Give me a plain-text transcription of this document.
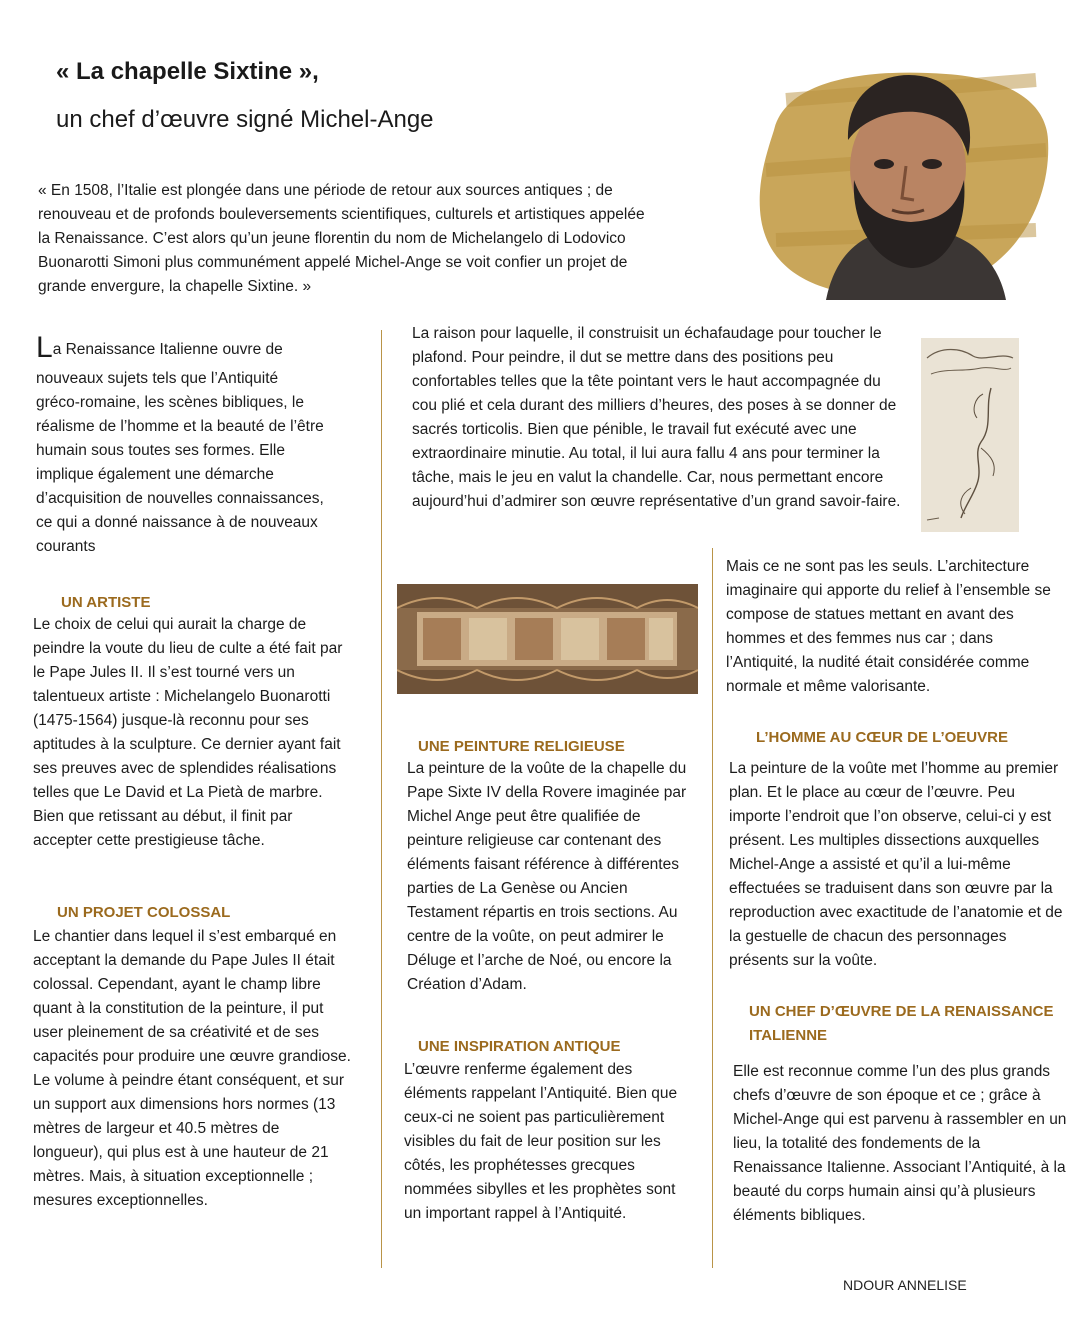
« La chapelle Sixtine »,
un chef d’œuvre signé Michel-Ange
« En 1508, l’Italie est plongée dans une période de retour aux sources antiques ; de renouveau et de profonds bouleversements scientifiques, culturels et artistiques appelée la Renaissance. C’est alors qu’un jeune florentin du nom de Michelangelo di Lodovico Buonarotti Simoni plus communément appelé Michel-Ange se voit confier un projet de grande envergure, la chapelle Sixtine. »
La Renaissance Italienne ouvre de
nouveaux sujets tels que l’Antiquité gréco-romaine, les scènes bibliques, le réalisme de l’homme et la beauté de l’être humain sous toutes ses formes. Elle implique également une démarche d’acquisition de nouvelles connaissances, ce qui a donné naissance à de nouveaux courants
UN ARTISTE
Le choix de celui qui aurait la charge de peindre la voute du lieu de culte a été fait par le Pape Jules II. Il s’est tourné vers un talentueux artiste : Michelangelo Buonarotti (1475-1564) jusque-là reconnu pour ses aptitudes à la sculpture. Ce dernier ayant fait ses preuves avec de splendides réalisations telles que Le David et La Pietà de marbre. Bien que retissant au début, il finit par accepter cette prestigieuse tâche.
UN PROJET COLOSSAL
Le chantier dans lequel il s’est embarqué en acceptant la demande du Pape Jules II était colossal. Cependant, ayant le champ libre quant à la constitution de la peinture, il put user pleinement de sa créativité et de ses capacités pour produire une œuvre grandiose. Le volume à peindre étant conséquent, et sur un support aux dimensions hors normes (13 mètres de largeur et 40.5 mètres de longueur), qui plus est à une hauteur de 21 mètres. Mais, à situation exceptionnelle ; mesures exceptionnelles.
La raison pour laquelle, il construisit un échafaudage pour toucher le plafond. Pour peindre, il dut se mettre dans des positions peu confortables telles que la tête pointant vers le haut accompagnée du cou plié et cela durant des milliers d’heures, des poses à se donner de sacrés torticolis. Bien que pénible, le travail fut exécuté avec une extraordinaire minutie. Au total, il lui aura fallu 4 ans pour terminer la tâche, mais le jeu en valut la chandelle. Car, nous permettant encore aujourd’hui d’admirer son œuvre représentative d’un grand savoir-faire.
UNE PEINTURE RELIGIEUSE
La peinture de la voûte de la chapelle du Pape Sixte IV della Rovere imaginée par Michel Ange peut être qualifiée de peinture religieuse car contenant des éléments faisant référence à différentes parties de La Genèse ou Ancien Testament répartis en trois sections. Au centre de la voûte, on peut admirer le Déluge et l’arche de Noé, ou encore la Création d’Adam.
UNE INSPIRATION ANTIQUE
L’œuvre renferme également des éléments rappelant l’Antiquité. Bien que ceux-ci ne soient pas particulièrement visibles du fait de leur position sur les côtés, les prophétesses grecques nommées sibylles et les prophètes sont un important rappel à l’Antiquité.
Mais ce ne sont pas les seuls. L’architecture imaginaire qui apporte du relief à l’ensemble se compose de statues mettant en avant des hommes et des femmes nus car ; dans l’Antiquité, la nudité était considérée comme normale et même valorisante.
L’HOMME AU CŒUR DE L’OEUVRE
La peinture de la voûte met l’homme au premier plan. Et le place au cœur de l’œuvre. Peu importe l’endroit que l’on observe, celui-ci y est présent. Les multiples dissections auxquelles Michel-Ange a assisté et qu’il a lui-même effectuées se traduisent dans son œuvre par la reproduction avec exactitude de l’anatomie et de la gestuelle de chacun des personnages présents sur la voûte.
UN CHEF D’ŒUVRE DE LA RENAISSANCE ITALIENNE
Elle est reconnue comme l’un des plus grands chefs d’œuvre de son époque et ce ; grâce à Michel-Ange qui est parvenu à rassembler en un lieu, la totalité des fondements de la Renaissance Italienne. Associant l’Antiquité, à la beauté du corps humain ainsi qu’à plusieurs éléments bibliques.
NDOUR ANNELISE
